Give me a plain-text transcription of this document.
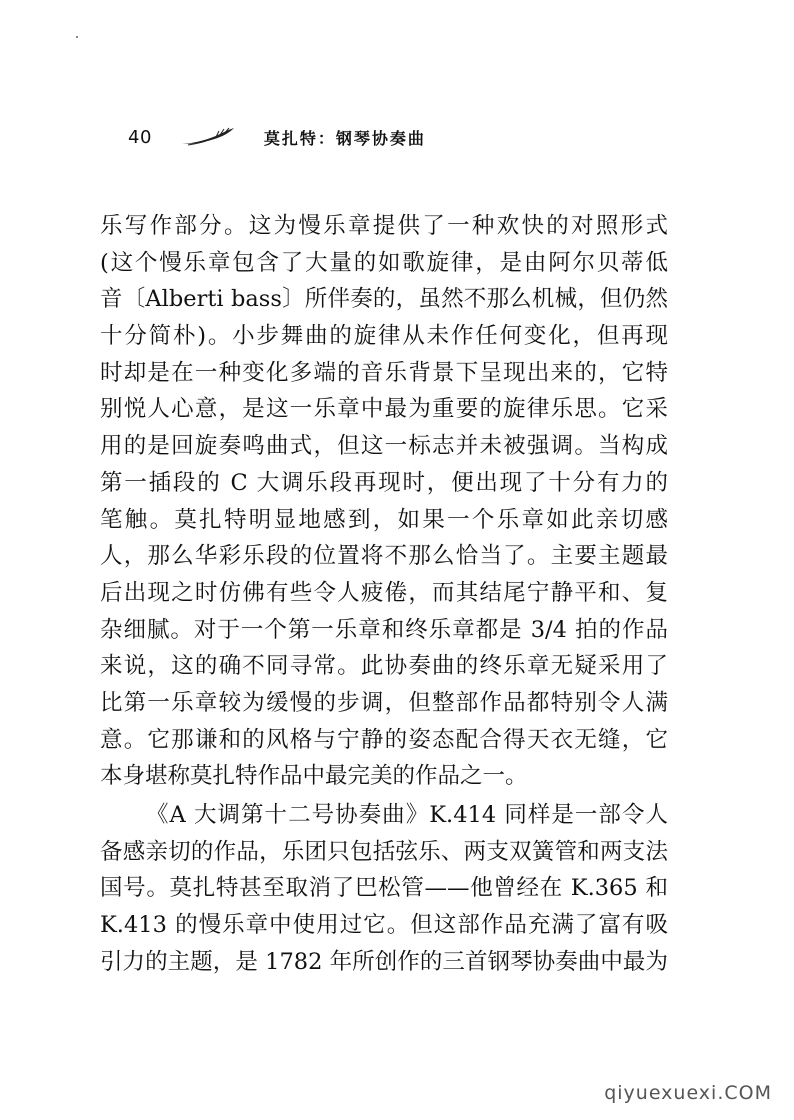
40	莫扎特：钢琴协奏曲
乐写作部分。这为慢乐章提供了一种欢快的对照形式
(这个慢乐章包含了大量的如歌旋律，是由阿尔贝蒂低
音〔Alberti bass〕所伴奏的，虽然不那么机械，但仍然
十分简朴)。小步舞曲的旋律从未作任何变化，但再现
时却是在一种变化多端的音乐背景下呈现出来的，它特
别悦人心意，是这一乐章中最为重要的旋律乐思。它采
用的是回旋奏鸣曲式，但这一标志并未被强调。当构成
第一插段的 C 大调乐段再现时，便出现了十分有力的
笔触。莫扎特明显地感到，如果一个乐章如此亲切感
人，那么华彩乐段的位置将不那么恰当了。主要主题最
后出现之时仿佛有些令人疲倦，而其结尾宁静平和、复
杂细腻。对于一个第一乐章和终乐章都是 3/4 拍的作品
来说，这的确不同寻常。此协奏曲的终乐章无疑采用了
比第一乐章较为缓慢的步调，但整部作品都特别令人满
意。它那谦和的风格与宁静的姿态配合得天衣无缝，它
本身堪称莫扎特作品中最完美的作品之一。
《A 大调第十二号协奏曲》K.414 同样是一部令人
备感亲切的作品，乐团只包括弦乐、两支双簧管和两支法
国号。莫扎特甚至取消了巴松管——他曾经在 K.365 和
K.413 的慢乐章中使用过它。但这部作品充满了富有吸
引力的主题，是 1782 年所创作的三首钢琴协奏曲中最为
qiyuexuexi.COM
